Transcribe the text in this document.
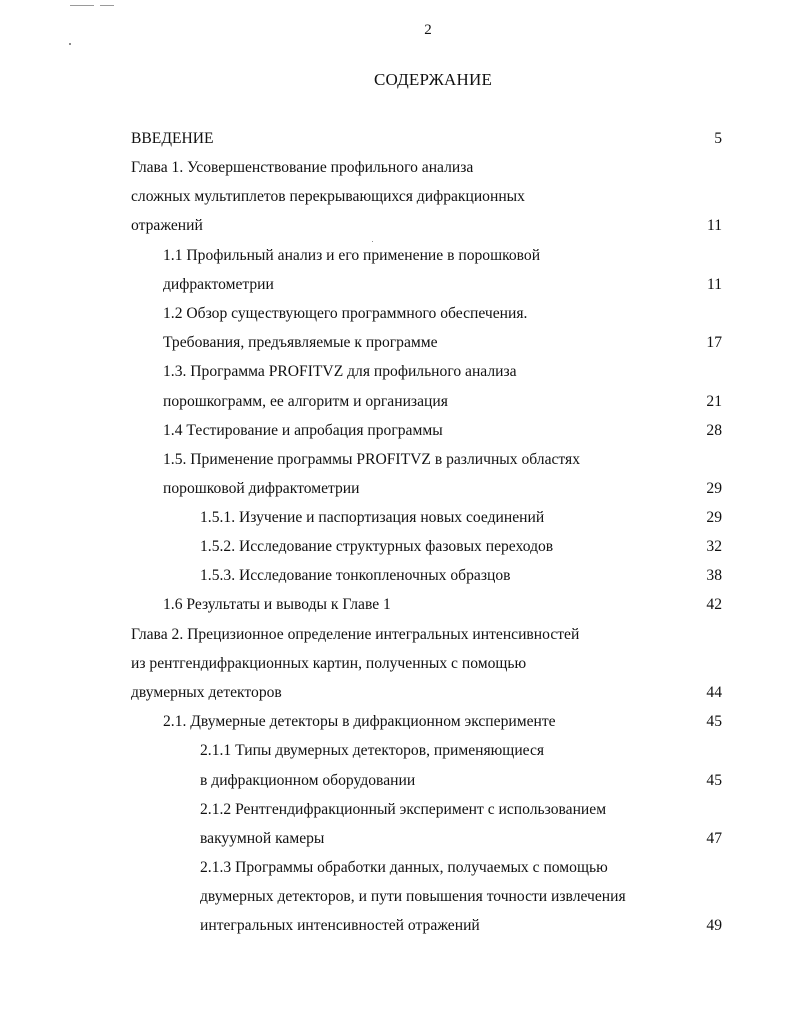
2
СОДЕРЖАНИЕ
ВВЕДЕНИЕ	5
Глава 1. Усовершенствование профильного анализа
сложных мультиплетов перекрывающихся дифракционных
отражений	11
1.1 Профильный анализ и его применение в порошковой
дифрактометрии	11
1.2 Обзор существующего программного обеспечения.
Требования, предъявляемые к программе	17
1.3. Программа PROFITVZ для профильного анализа
порошкограмм, ее алгоритм и организация	21
1.4 Тестирование и апробация программы	28
1.5. Применение программы PROFITVZ в различных областях
порошковой дифрактометрии	29
1.5.1. Изучение и паспортизация новых соединений	29
1.5.2. Исследование структурных фазовых переходов	32
1.5.3. Исследование тонкопленочных образцов	38
1.6 Результаты и выводы к Главе 1	42
Глава 2. Прецизионное определение интегральных интенсивностей
из рентгендифракционных картин, полученных с помощью
двумерных детекторов	44
2.1. Двумерные детекторы в дифракционном эксперименте	45
2.1.1 Типы двумерных детекторов, применяющиеся
в дифракционном оборудовании	45
2.1.2 Рентгендифракционный эксперимент с использованием
вакуумной камеры	47
2.1.3 Программы обработки данных, получаемых с помощью
двумерных детекторов, и пути повышения точности извлечения
интегральных интенсивностей отражений	49
